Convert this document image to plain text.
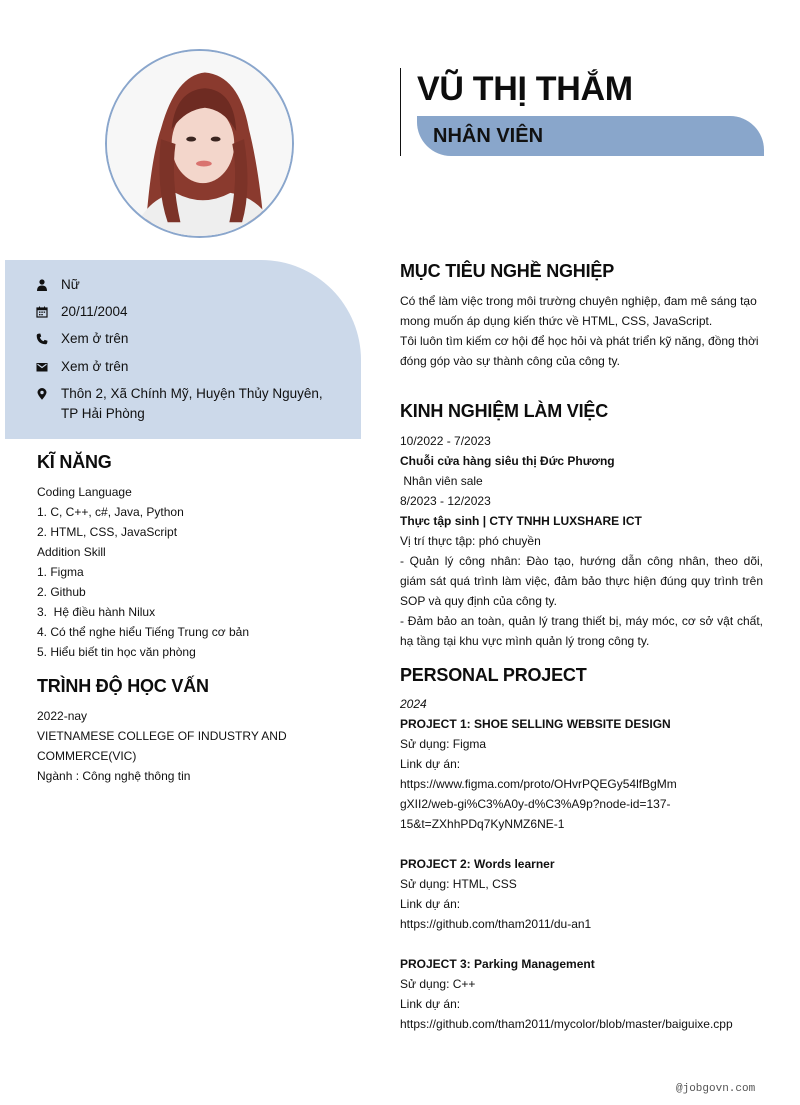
VŨ THỊ THẮM
NHÂN VIÊN
Nữ
20/11/2004
Xem ở trên
Xem ở trên
Thôn 2, Xã Chính Mỹ, Huyện Thủy Nguyên,
TP Hải Phòng
KĨ NĂNG
Coding Language
1. C, C++, c#, Java, Python
2. HTML, CSS, JavaScript
Addition Skill
1. Figma
2. Github
3.  Hệ điều hành Nilux
4. Có thể nghe hiểu Tiếng Trung cơ bản
5. Hiểu biết tin học văn phòng
TRÌNH ĐỘ HỌC VẤN
2022-nay
VIETNAMESE COLLEGE OF INDUSTRY AND
COMMERCE(VIC)
Ngành : Công nghệ thông tin
MỤC TIÊU NGHỀ NGHIỆP
Có thể làm việc trong môi trường chuyên nghiệp, đam mê sáng tạo
mong muốn áp dụng kiến thức về HTML, CSS, JavaScript.
Tôi luôn tìm kiếm cơ hội để học hỏi và phát triển kỹ năng, đồng thời
đóng góp vào sự thành công của công ty.
KINH NGHIỆM LÀM VIỆC
10/2022 - 7/2023
Chuỗi cửa hàng siêu thị Đức Phương
Nhân viên sale
8/2023 - 12/2023
Thực tập sinh | CTY TNHH LUXSHARE ICT
Vị trí thực tập: phó chuyền
- Quản lý công nhân: Đào tạo, hướng dẫn công nhân, theo dõi, giám sát quá trình làm việc, đảm bảo thực hiện đúng quy trình trên SOP và quy định của công ty.
- Đảm bảo an toàn, quản lý trang thiết bị, máy móc, cơ sở vật chất, hạ tầng tại khu vực mình quản lý trong công ty.
PERSONAL PROJECT
2024
PROJECT 1: SHOE SELLING WEBSITE DESIGN
Sử dụng: Figma
Link dự án:
https://www.figma.com/proto/OHvrPQEGy54lfBgMm
gXII2/web-gi%C3%A0y-d%C3%A9p?node-id=137-
15&t=ZXhhPDq7KyNMZ6NE-1
PROJECT 2: Words learner
Sử dụng: HTML, CSS
Link dự án:
https://github.com/tham2011/du-an1
PROJECT 3: Parking Management
Sử dụng: C++
Link dự án:
https://github.com/tham2011/mycolor/blob/master/baiguixe.cpp
@jobgovn.com
